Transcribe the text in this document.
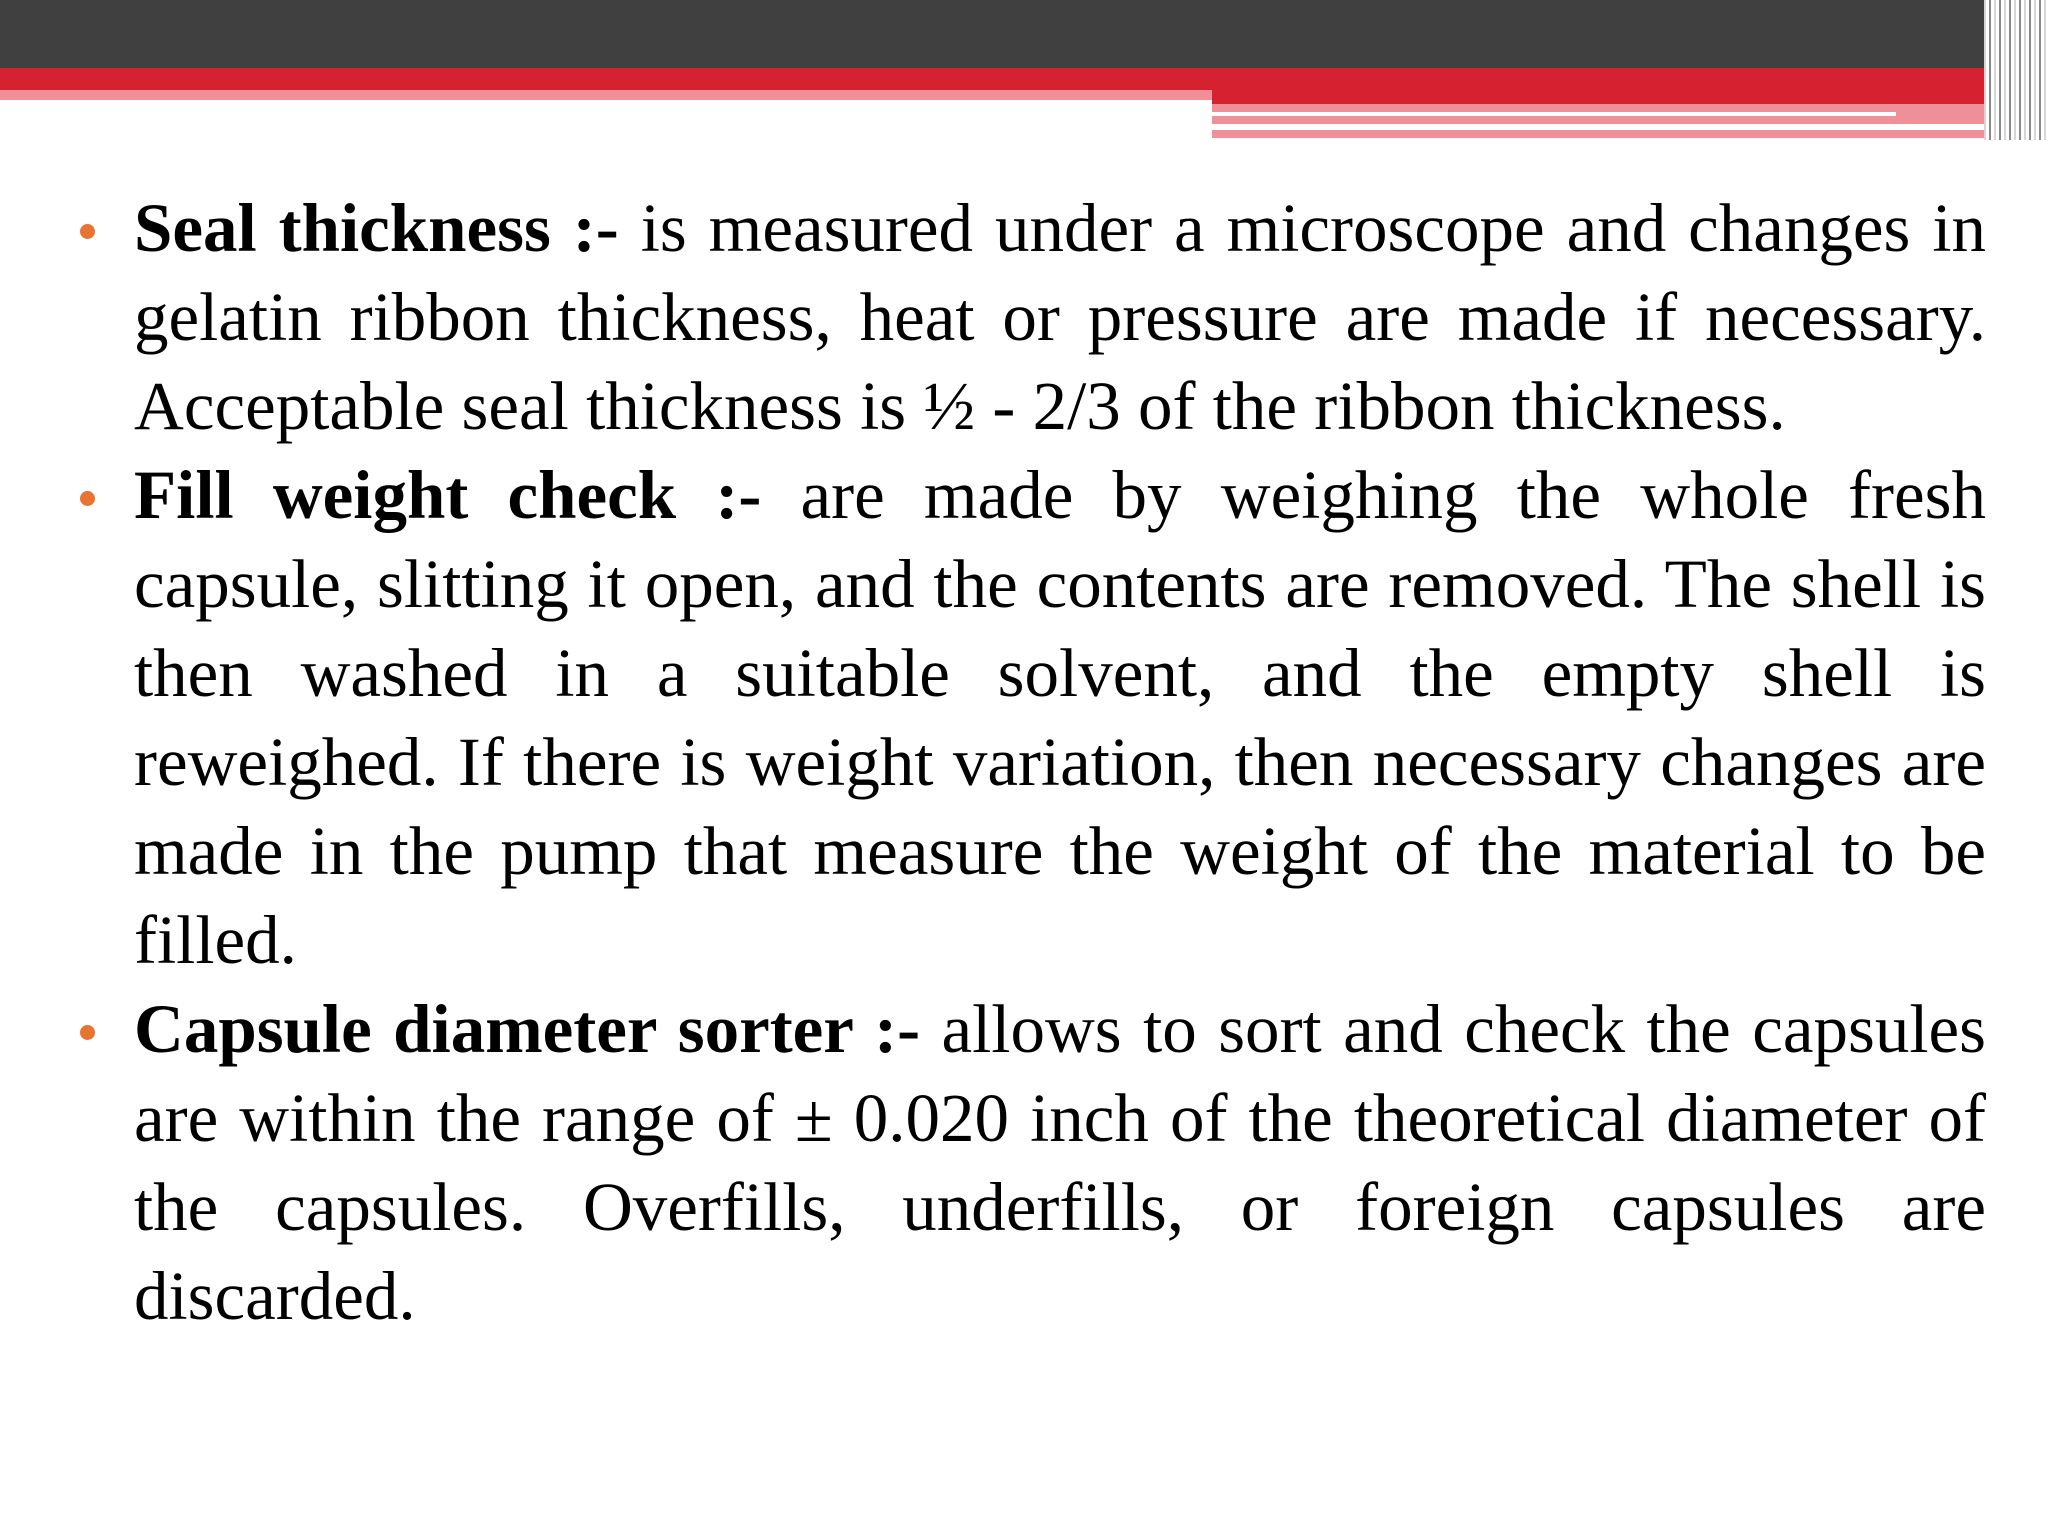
Seal thickness :- is measured under a microscope and changes in gelatin ribbon thickness, heat or pressure are made if necessary. Acceptable seal thickness is ½ - 2/3 of the ribbon thickness.
Fill weight check :- are made by weighing the whole fresh capsule, slitting it open, and the contents are removed. The shell is then washed in a suitable solvent, and the empty shell is reweighed. If there is weight variation, then necessary changes are made in the pump that measure the weight of the material to be filled.
Capsule diameter sorter :- allows to sort and check the capsules are within the range of ± 0.020 inch of the theoretical diameter of the capsules. Overfills, underfills, or foreign capsules are discarded.
